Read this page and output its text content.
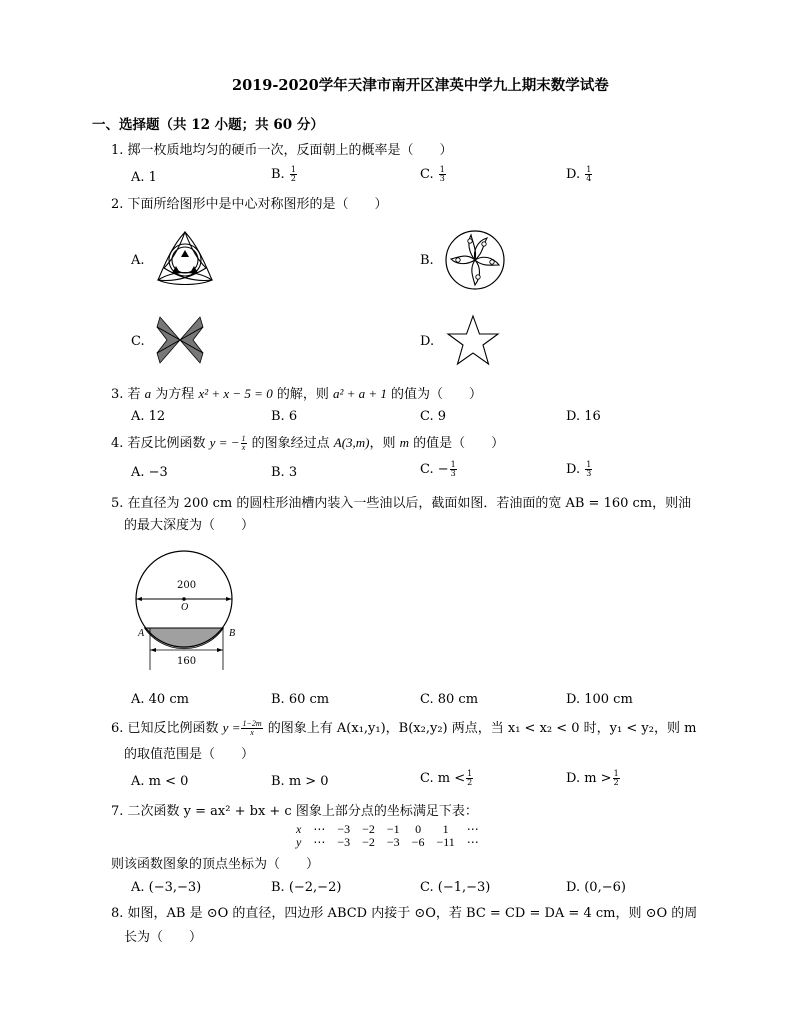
2019-2020学年天津市南开区津英中学九上期末数学试卷
一、选择题（共 12 小题；共 60 分）
1. 掷一枚质地均匀的硬币一次，反面朝上的概率是（　　）
A. 1	B. $\frac{1}{2}$	C. $\frac{1}{3}$	D. $\frac{1}{4}$
2. 下面所给图形中是中心对称图形的是（　　）
A.	B.
C.	D.
3. 若 a 为方程 x² + x − 5 = 0 的解，则 a² + a + 1 的值为（　　）
A. 12	B. 6	C. 9	D. 16
4. 若反比例函数 y = − $\frac{1}{x}$ 的图象经过点 A(3,m)，则 m 的值是（　　）
A. −3	B. 3	C. − $\frac{1}{3}$	D. $\frac{1}{3}$
5. 在直径为 200 cm 的圆柱形油槽内装入一些油以后，截面如图．若油面的宽 AB = 160 cm，则油
的最大深度为（　　）
200
O
A	B
160
A. 40 cm	B. 60 cm	C. 80 cm	D. 100 cm
6. 已知反比例函数 $y = \frac{1-2m}{x}$ 的图象上有 A(x₁,y₁)，B(x₂,y₂) 两点，当 x₁ < x₂ < 0 时，y₁ < y₂，则 m
的取值范围是（　　）
A. m < 0	B. m > 0	C. $m < \frac{1}{2}$	D. $m > \frac{1}{2}$
7. 二次函数 y = ax² + bx + c 图象上部分点的坐标满足下表：
x	⋯	−3	−2	−1	0	1	⋯
y	⋯	−3	−2	−3	−6	−11	⋯
则该函数图象的顶点坐标为（　　）
A. (−3,−3)	B. (−2,−2)	C. (−1,−3)	D. (0,−6)
8. 如图，AB 是 ⊙O 的直径，四边形 ABCD 内接于 ⊙O，若 BC = CD = DA = 4 cm，则 ⊙O 的周
长为（　　）
